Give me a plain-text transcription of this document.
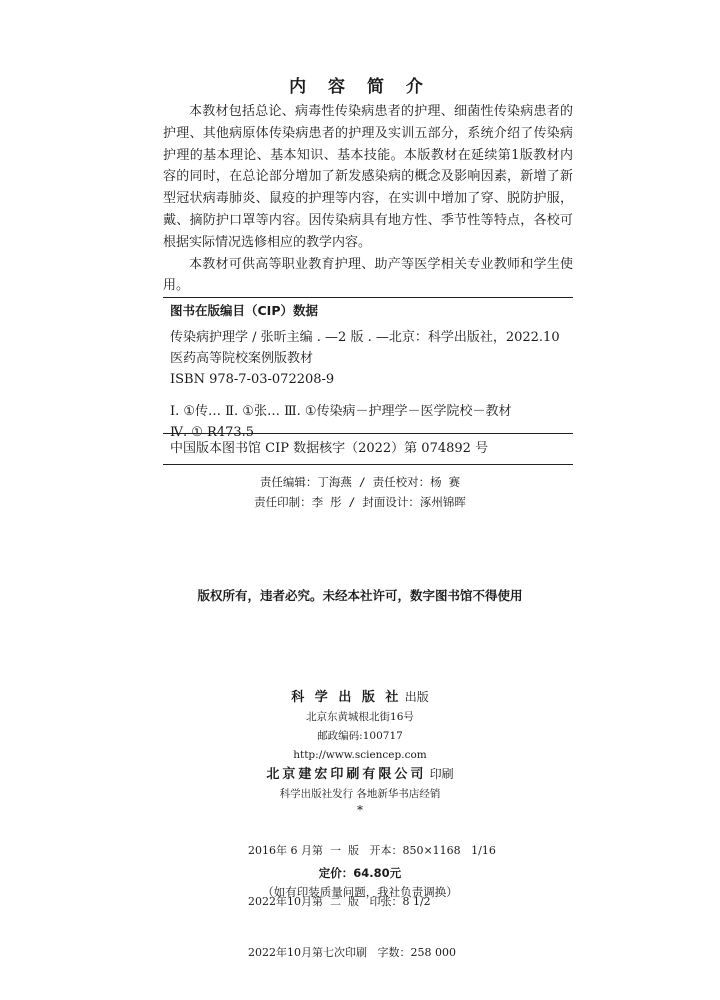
内 容 简 介

本教材包括总论、病毒性传染病患者的护理、细菌性传染病患者的护理、其他病原体传染病患者的护理及实训五部分，系统介绍了传染病护理的基本理论、基本知识、基本技能。本版教材在延续第1版教材内容的同时，在总论部分增加了新发感染病的概念及影响因素，新增了新型冠状病毒肺炎、鼠疫的护理等内容，在实训中增加了穿、脱防护服，戴、摘防护口罩等内容。因传染病具有地方性、季节性等特点，各校可根据实际情况选修相应的教学内容。

本教材可供高等职业教育护理、助产等医学相关专业教师和学生使用。

图书在版编目（CIP）数据
传染病护理学 / 张昕主编 . —2 版 . —北京：科学出版社，2022.10
医药高等院校案例版教材
ISBN 978-7-03-072208-9
Ⅰ. ①传… Ⅱ. ①张… Ⅲ. ①传染病－护理学－医学院校－教材
Ⅳ. ① R473.5
中国版本图书馆 CIP 数据核字（2022）第 074892 号
责任编辑：丁海燕 / 责任校对：杨 赛
责任印制：李 彤 / 封面设计：涿州锦晖
版权所有，违者必究。未经本社许可，数字图书馆不得使用
科 学 出 版 社 出版
北京东黄城根北街16号
邮政编码:100717
http://www.sciencep.com
北京建宏印刷有限公司 印刷
科学出版社发行 各地新华书店经销
*

2016年 6 月第  一  版   开本：850×1168   1/16

2022年10月第  二  版   印张：8 1/2

2022年10月第七次印刷   字数：258 000

定价：64.80元
（如有印装质量问题，我社负责调换）
